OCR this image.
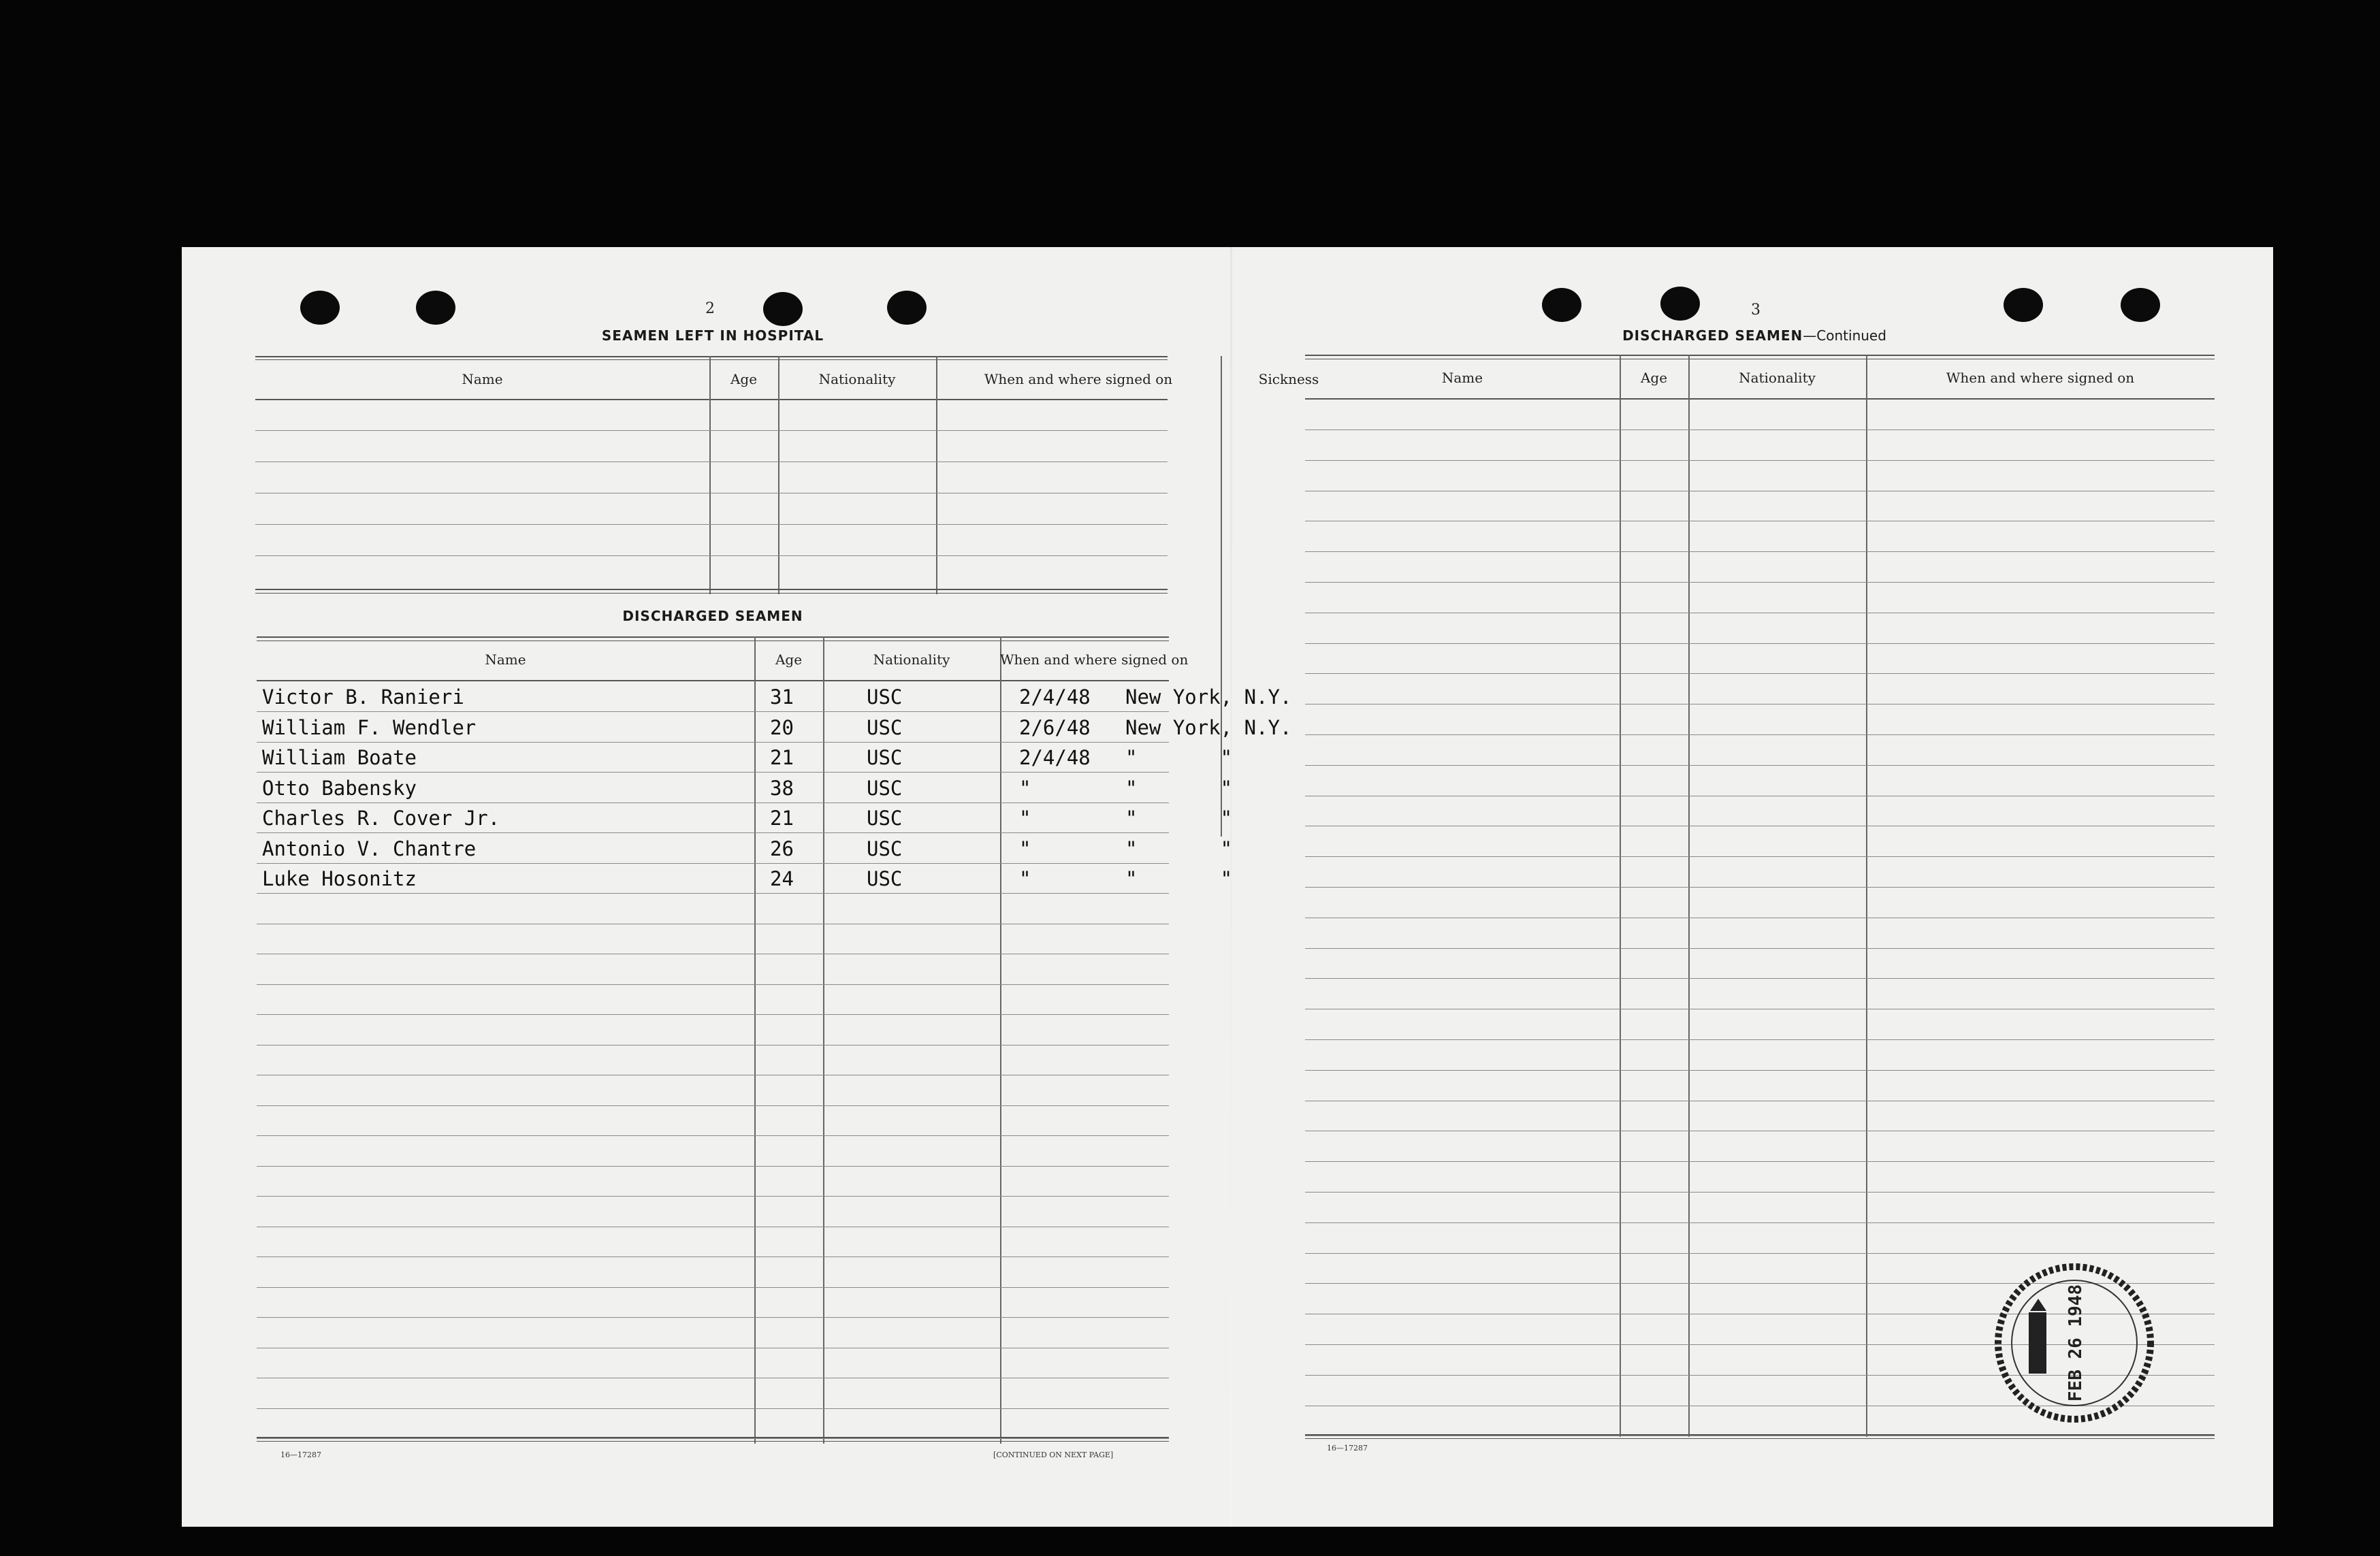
2
SEAMEN LEFT IN HOSPITAL
Name	Age	Nationality	When and where signed on	Sickness
DISCHARGED SEAMEN
Name	Age	Nationality	When and where signed on
Victor B. Ranieri	31	USC	2/4/48 New York, N.Y.
William F. Wendler	20	USC	2/6/48 New York, N.Y.
William Boate	21	USC	2/4/48 "       "
Otto Babensky	38	USC	"	"       "
Charles R. Cover Jr.	21	USC	"	"       "
Antonio V. Chantre	26	USC	"	"       "
Luke Hosonitz	24	USC	"	"       "
16—17287	[CONTINUED ON NEXT PAGE]
3
DISCHARGED SEAMEN—Continued
Name	Age	Nationality	When and where signed on
16—17287
FEB 26 1948
